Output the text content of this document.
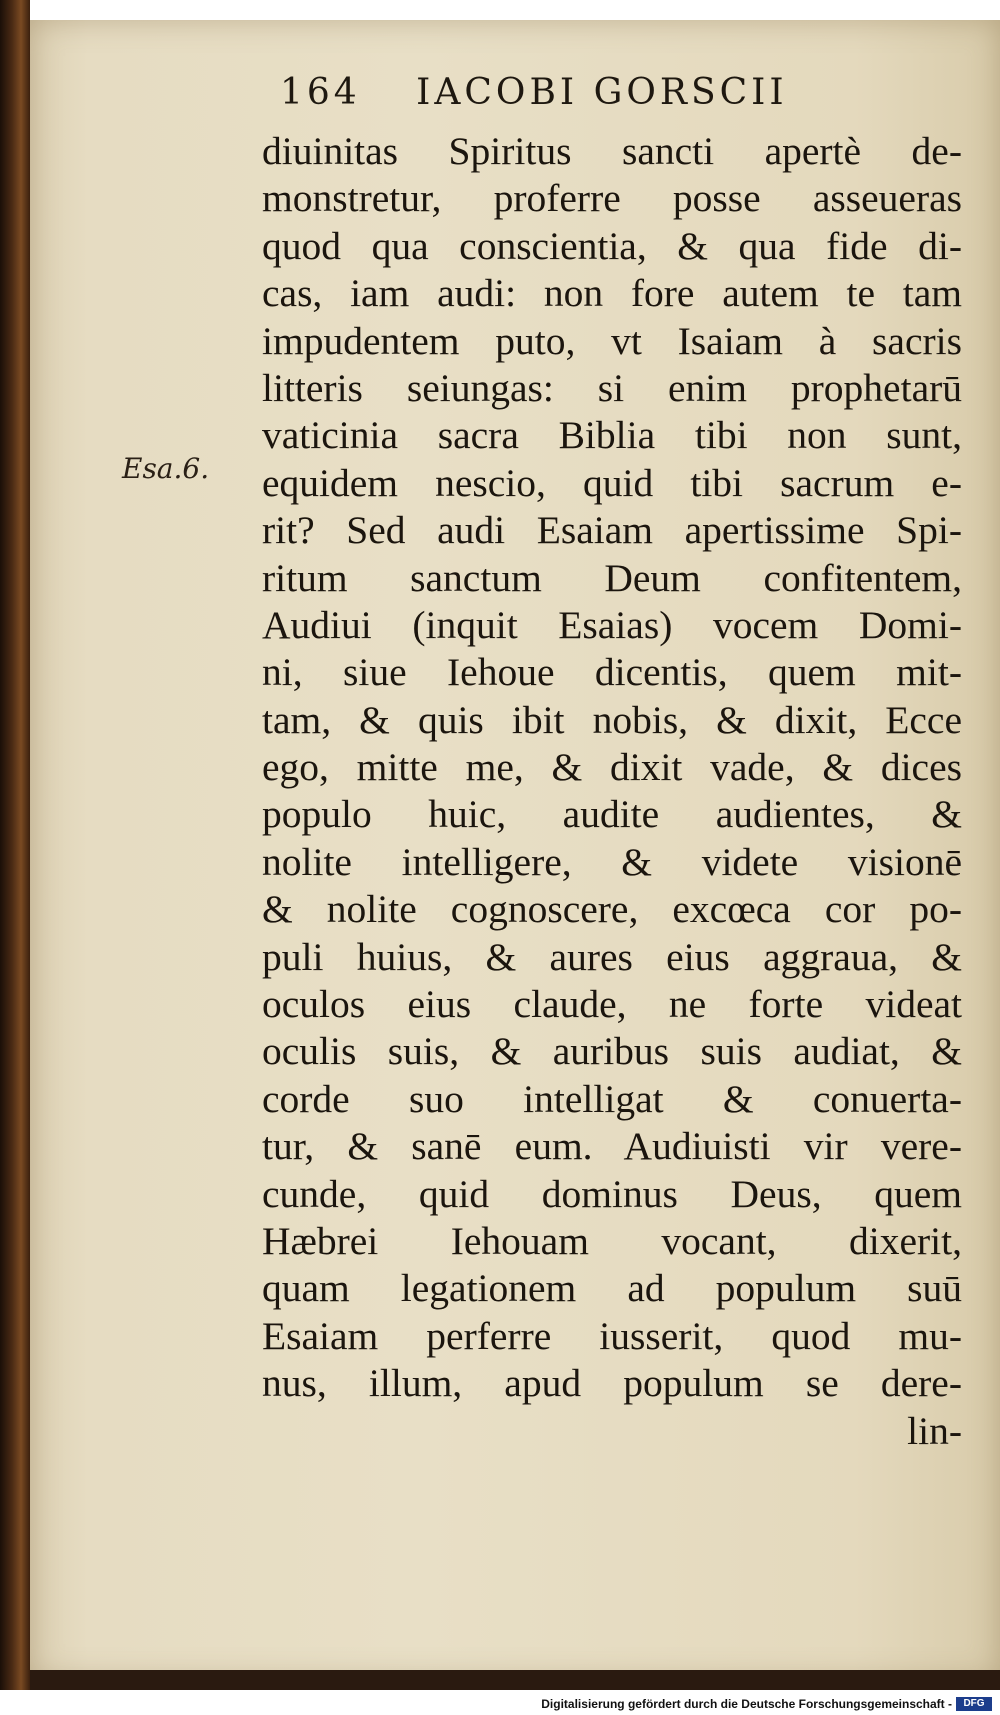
164 IACOBI GORSCII
Esa.6.
diuinitas Spiritus sancti apertè de-
monstretur, proferre posse asseueras
quod qua conscientia, & qua fide di-
cas, iam audi: non fore autem te tam
impudentem puto, vt Isaiam à sacris
litteris seiungas: si enim prophetarū
vaticinia sacra Biblia tibi non sunt,
equidem nescio, quid tibi sacrum e-
rit? Sed audi Esaiam apertissime Spi-
ritum sanctum Deum confitentem,
Audiui (inquit Esaias) vocem Domi-
ni, siue Iehoue dicentis, quem mit-
tam, & quis ibit nobis, & dixit, Ecce
ego, mitte me, & dixit vade, & dices
populo huic, audite audientes, &
nolite intelligere, & videte visionē
& nolite cognoscere, excœca cor po-
puli huius, & aures eius aggraua, &
oculos eius claude, ne forte videat
oculis suis, & auribus suis audiat, &
corde suo intelligat & conuerta-
tur, & sanē eum. Audiuisti vir vere-
cunde, quid dominus Deus, quem
Hæbrei Iehouam vocant, dixerit,
quam legationem ad populum suū
Esaiam perferre iusserit, quod mu-
nus, illum, apud populum se dere-
lin-
Digitalisierung gefördert durch die Deutsche Forschungsgemeinschaft -	DFG
